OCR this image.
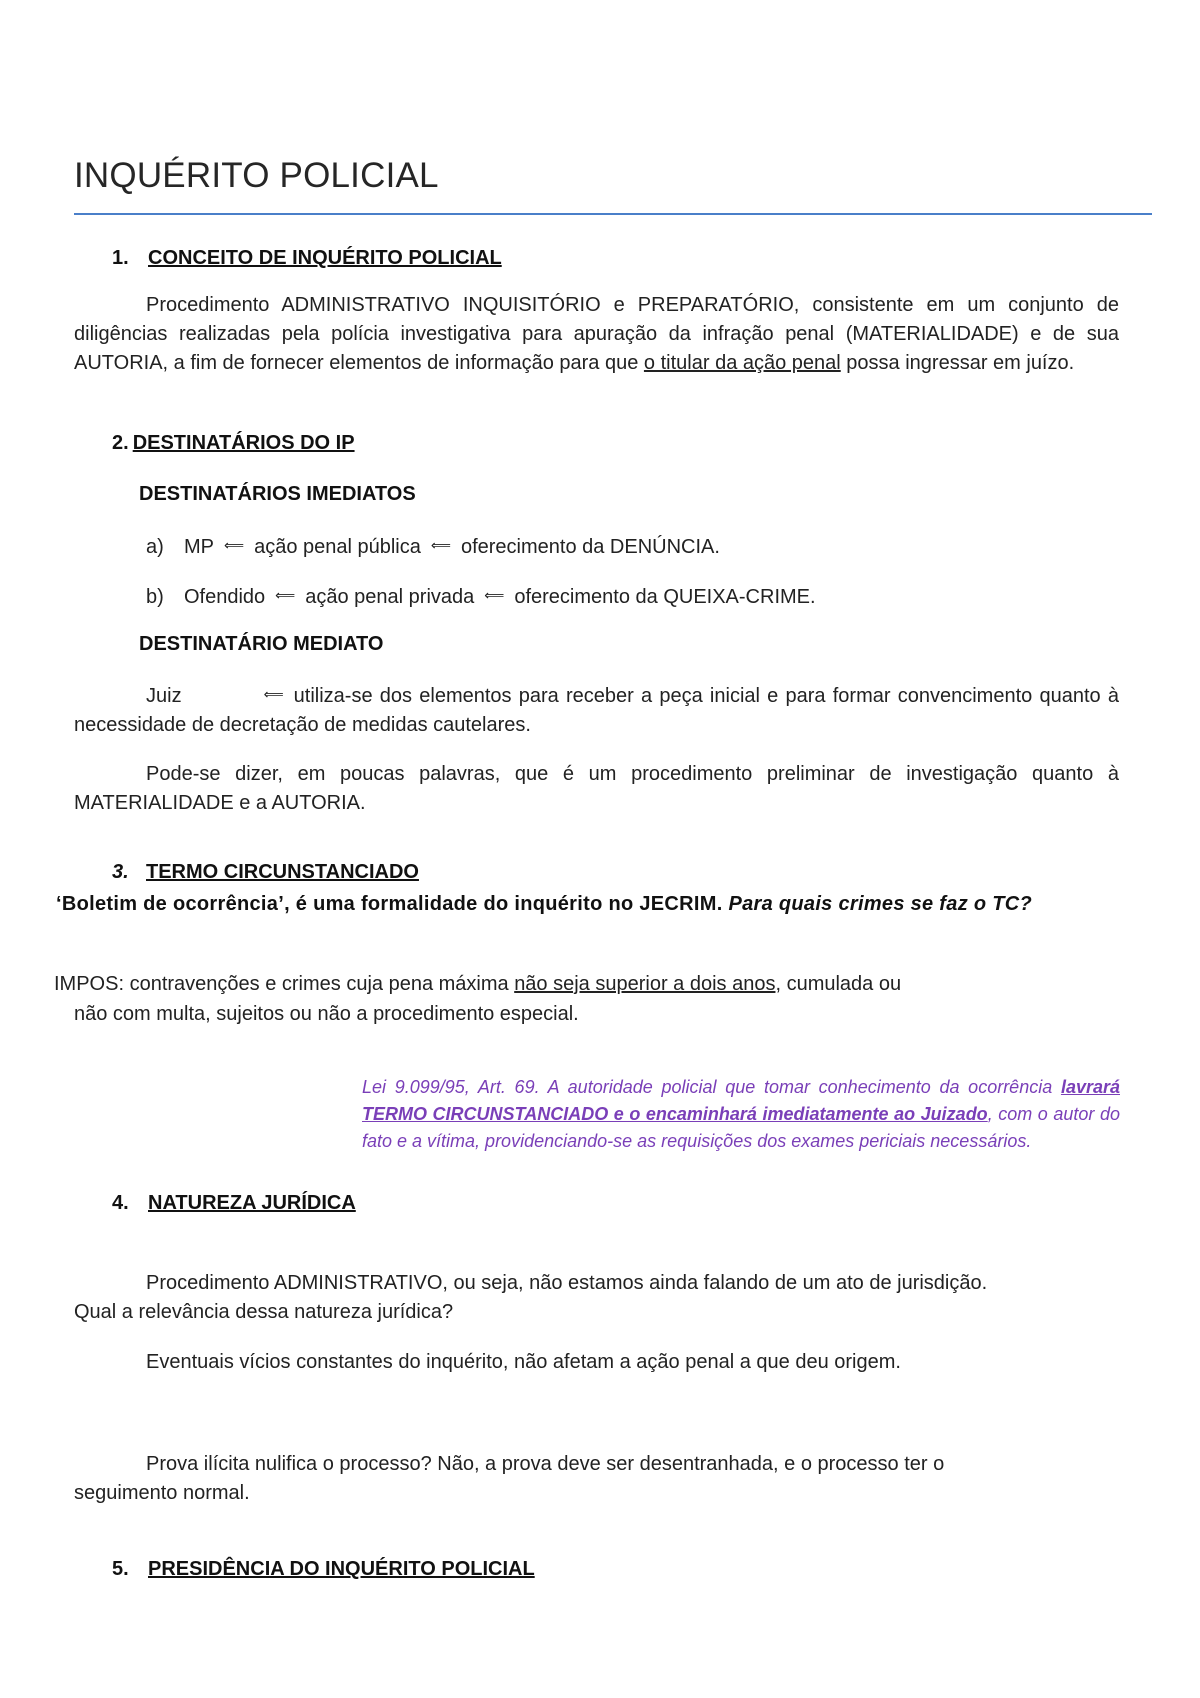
INQUÉRITO POLICIAL
1. CONCEITO DE INQUÉRITO POLICIAL
Procedimento ADMINISTRATIVO INQUISITÓRIO e PREPARATÓRIO, consistente em um conjunto de diligências realizadas pela polícia investigativa para apuração da infração penal (MATERIALIDADE) e de sua AUTORIA, a fim de fornecer elementos de informação para que o titular da ação penal possa ingressar em juízo.
2. DESTINATÁRIOS DO IP
DESTINATÁRIOS IMEDIATOS
a) MP ⟸ ação penal pública ⟸ oferecimento da DENÚNCIA.
b) Ofendido ⟸ ação penal privada ⟸ oferecimento da QUEIXA-CRIME.
DESTINATÁRIO MEDIATO
Juiz	⟸ utiliza-se dos elementos para receber a peça inicial e para formar convencimento quanto à necessidade de decretação de medidas cautelares.
Pode-se dizer, em poucas palavras, que é um procedimento preliminar de investigação quanto à MATERIALIDADE e a AUTORIA.
3. TERMO CIRCUNSTANCIADO
‘Boletim de ocorrência’, é uma formalidade do inquérito no JECRIM. Para quais crimes se faz o TC?
IMPOS: contravenções e crimes cuja pena máxima não seja superior a dois anos, cumulada ou
não com multa, sujeitos ou não a procedimento especial.
Lei 9.099/95, Art. 69. A autoridade policial que tomar conhecimento da ocorrência lavrará TERMO CIRCUNSTANCIADO e o encaminhará imediatamente ao Juizado, com o autor do fato e a vítima, providenciando-se as requisições dos exames periciais necessários.
4. NATUREZA JURÍDICA
Procedimento ADMINISTRATIVO, ou seja, não estamos ainda falando de um ato de jurisdição.
Qual a relevância dessa natureza jurídica?
Eventuais vícios constantes do inquérito, não afetam a ação penal a que deu origem.
Prova ilícita nulifica o processo? Não, a prova deve ser desentranhada, e o processo ter o
seguimento normal.
5. PRESIDÊNCIA DO INQUÉRITO POLICIAL
